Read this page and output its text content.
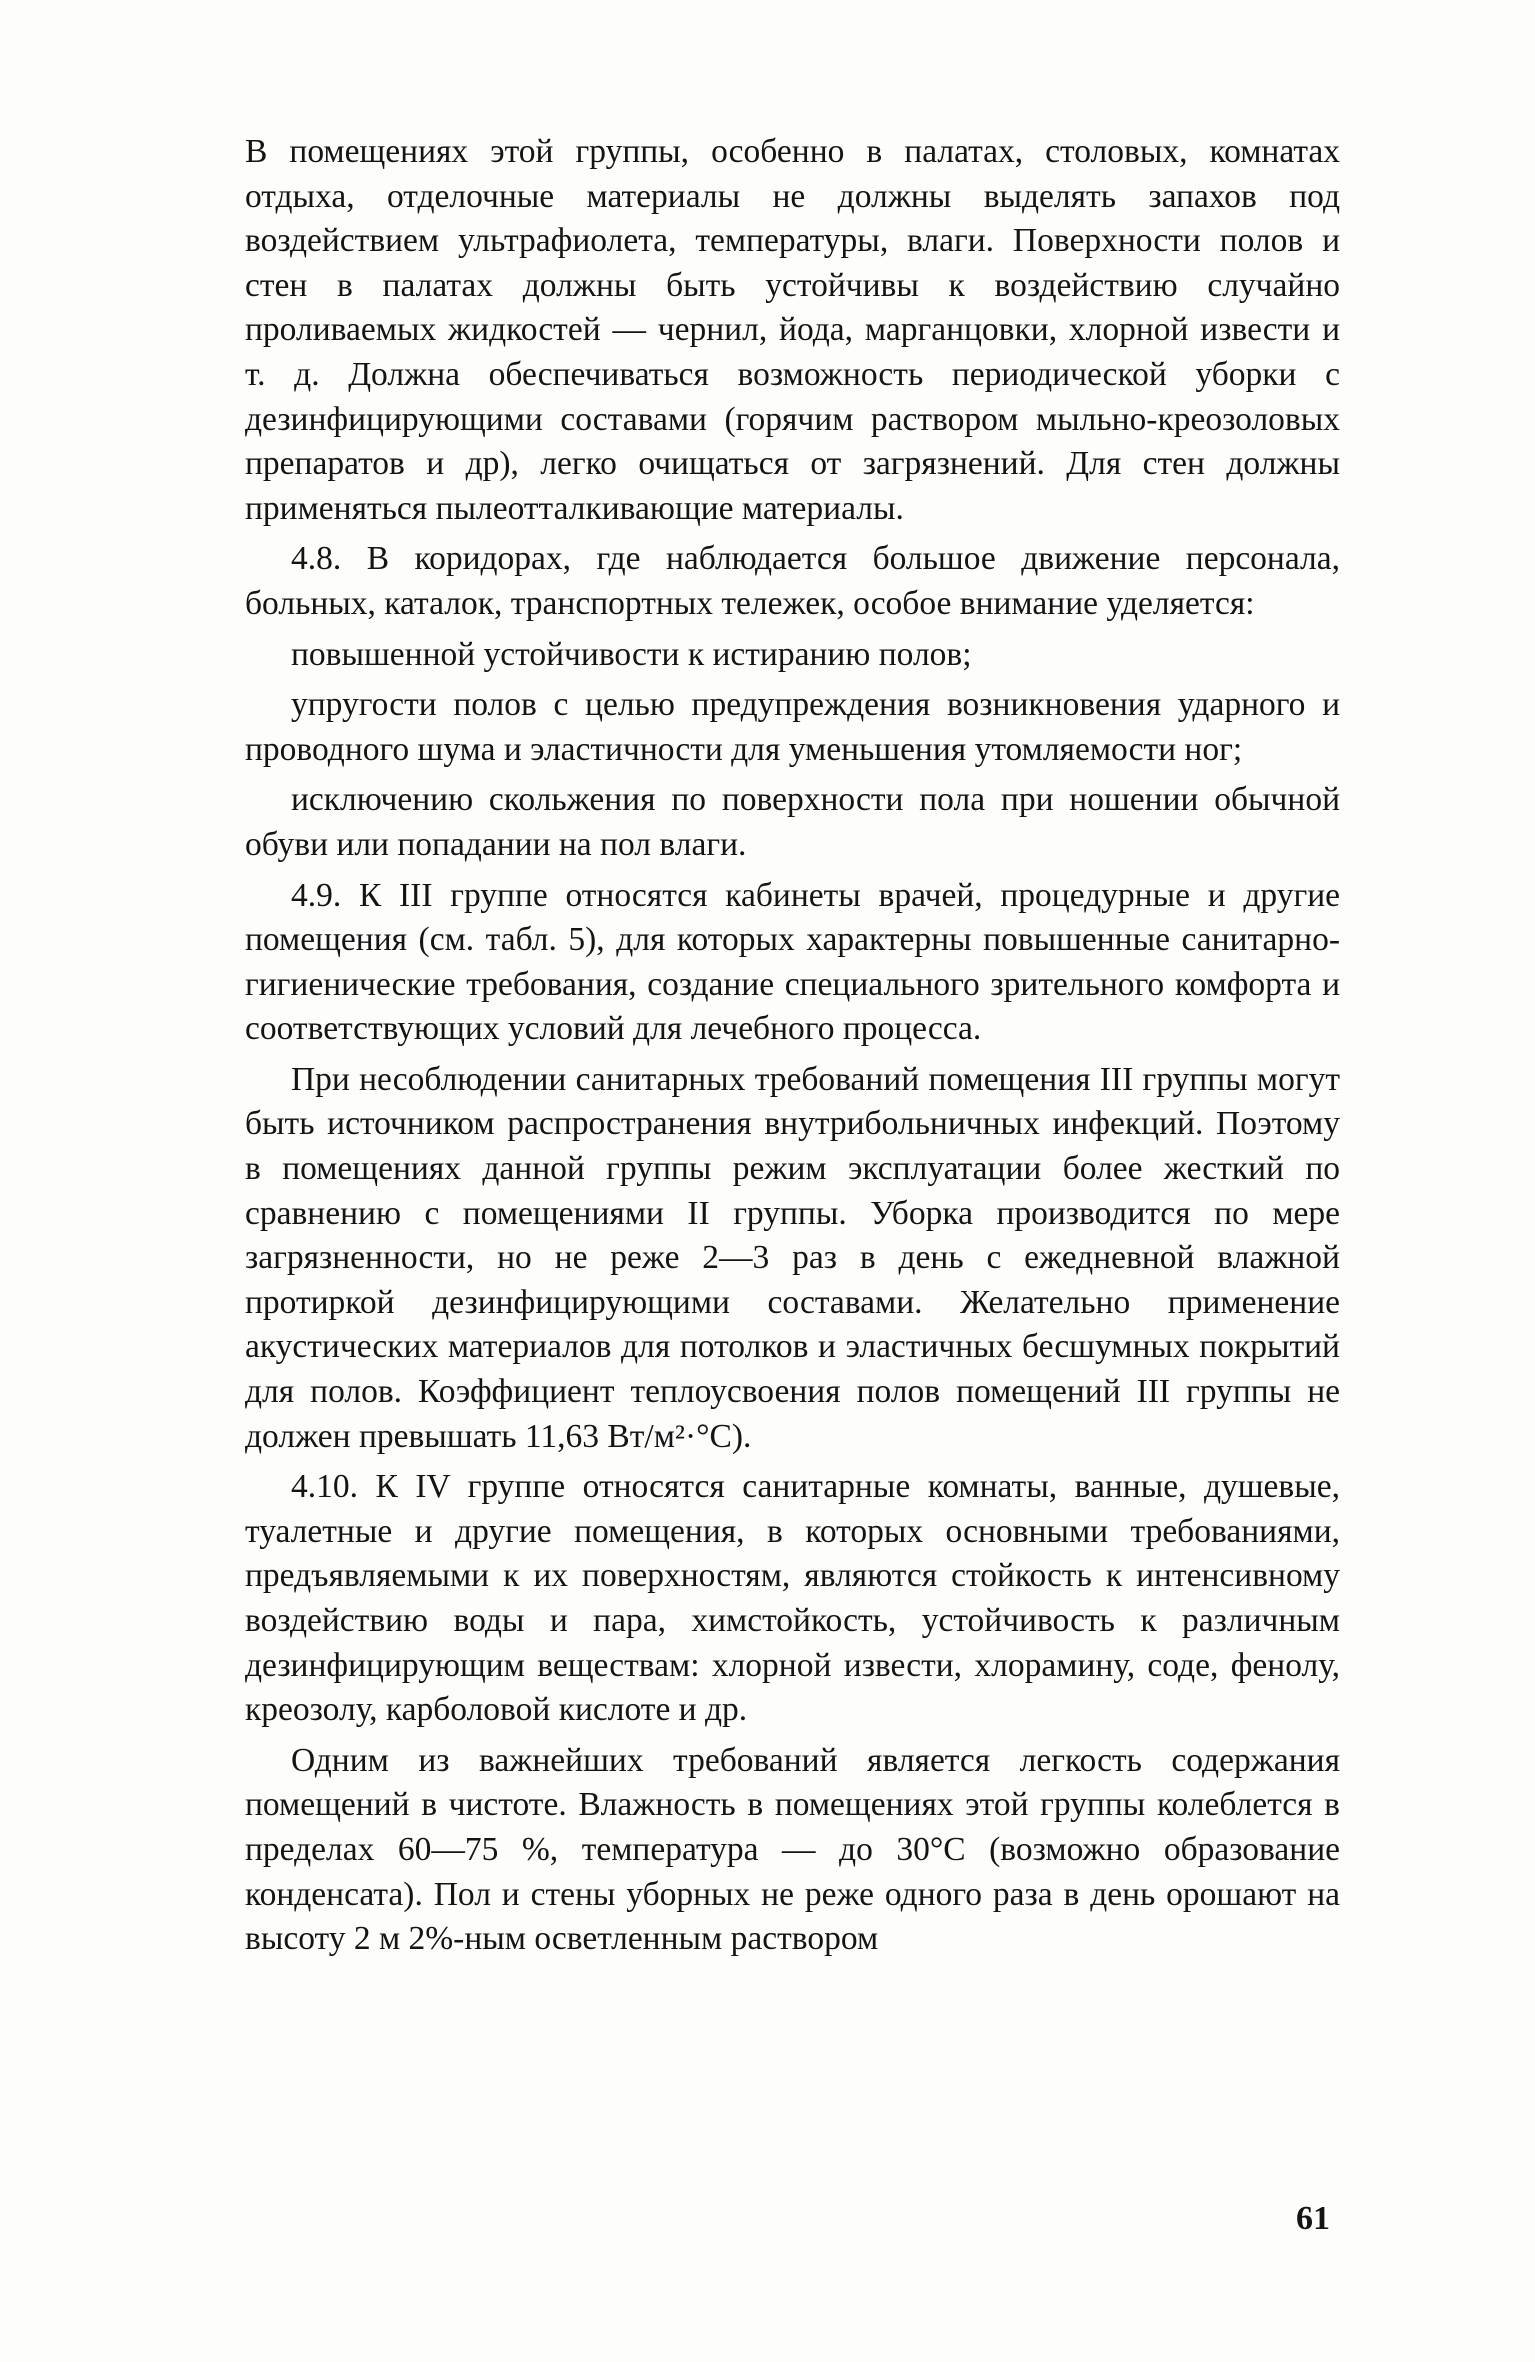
В помещениях этой группы, особенно в палатах, столовых, комнатах отдыха, отделочные материалы не должны выделять запахов под воздействием ультрафиолета, температуры, влаги. Поверхности полов и стен в палатах должны быть устойчивы к воздействию случайно проливаемых жидкостей — чернил, йода, марганцовки, хлорной извести и т. д. Должна обеспечиваться возможность периодической уборки с дезинфицирующими составами (горячим раствором мыльно-креозоловых препаратов и др), легко очищаться от загрязнений. Для стен должны применяться пылеотталкивающие материалы.

4.8. В коридорах, где наблюдается большое движение персонала, больных, каталок, транспортных тележек, особое внимание уделяется:

повышенной устойчивости к истиранию полов;

упругости полов с целью предупреждения возникновения ударного и проводного шума и эластичности для уменьшения утомляемости ног;

исключению скольжения по поверхности пола при ношении обычной обуви или попадании на пол влаги.

4.9. К III группе относятся кабинеты врачей, процедурные и другие помещения (см. табл. 5), для которых характерны повышенные санитарно-гигиенические требования, создание специального зрительного комфорта и соответствующих условий для лечебного процесса.

При несоблюдении санитарных требований помещения III группы могут быть источником распространения внутрибольничных инфекций. Поэтому в помещениях данной группы режим эксплуатации более жесткий по сравнению с помещениями II группы. Уборка производится по мере загрязненности, но не реже 2—3 раз в день с ежедневной влажной протиркой дезинфицирующими составами. Желательно применение акустических материалов для потолков и эластичных бесшумных покрытий для полов. Коэффициент теплоусвоения полов помещений III группы не должен превышать 11,63 Вт/м²·°С).

4.10. К IV группе относятся санитарные комнаты, ванные, душевые, туалетные и другие помещения, в которых основными требованиями, предъявляемыми к их поверхностям, являются стойкость к интенсивному воздействию воды и пара, химстойкость, устойчивость к различным дезинфицирующим веществам: хлорной извести, хлорамину, соде, фенолу, креозолу, карболовой кислоте и др.

Одним из важнейших требований является легкость содержания помещений в чистоте. Влажность в помещениях этой группы колеблется в пределах 60—75 %, температура — до 30°С (возможно образование конденсата). Пол и стены уборных не реже одного раза в день орошают на высоту 2 м 2%-ным осветленным раствором

61
